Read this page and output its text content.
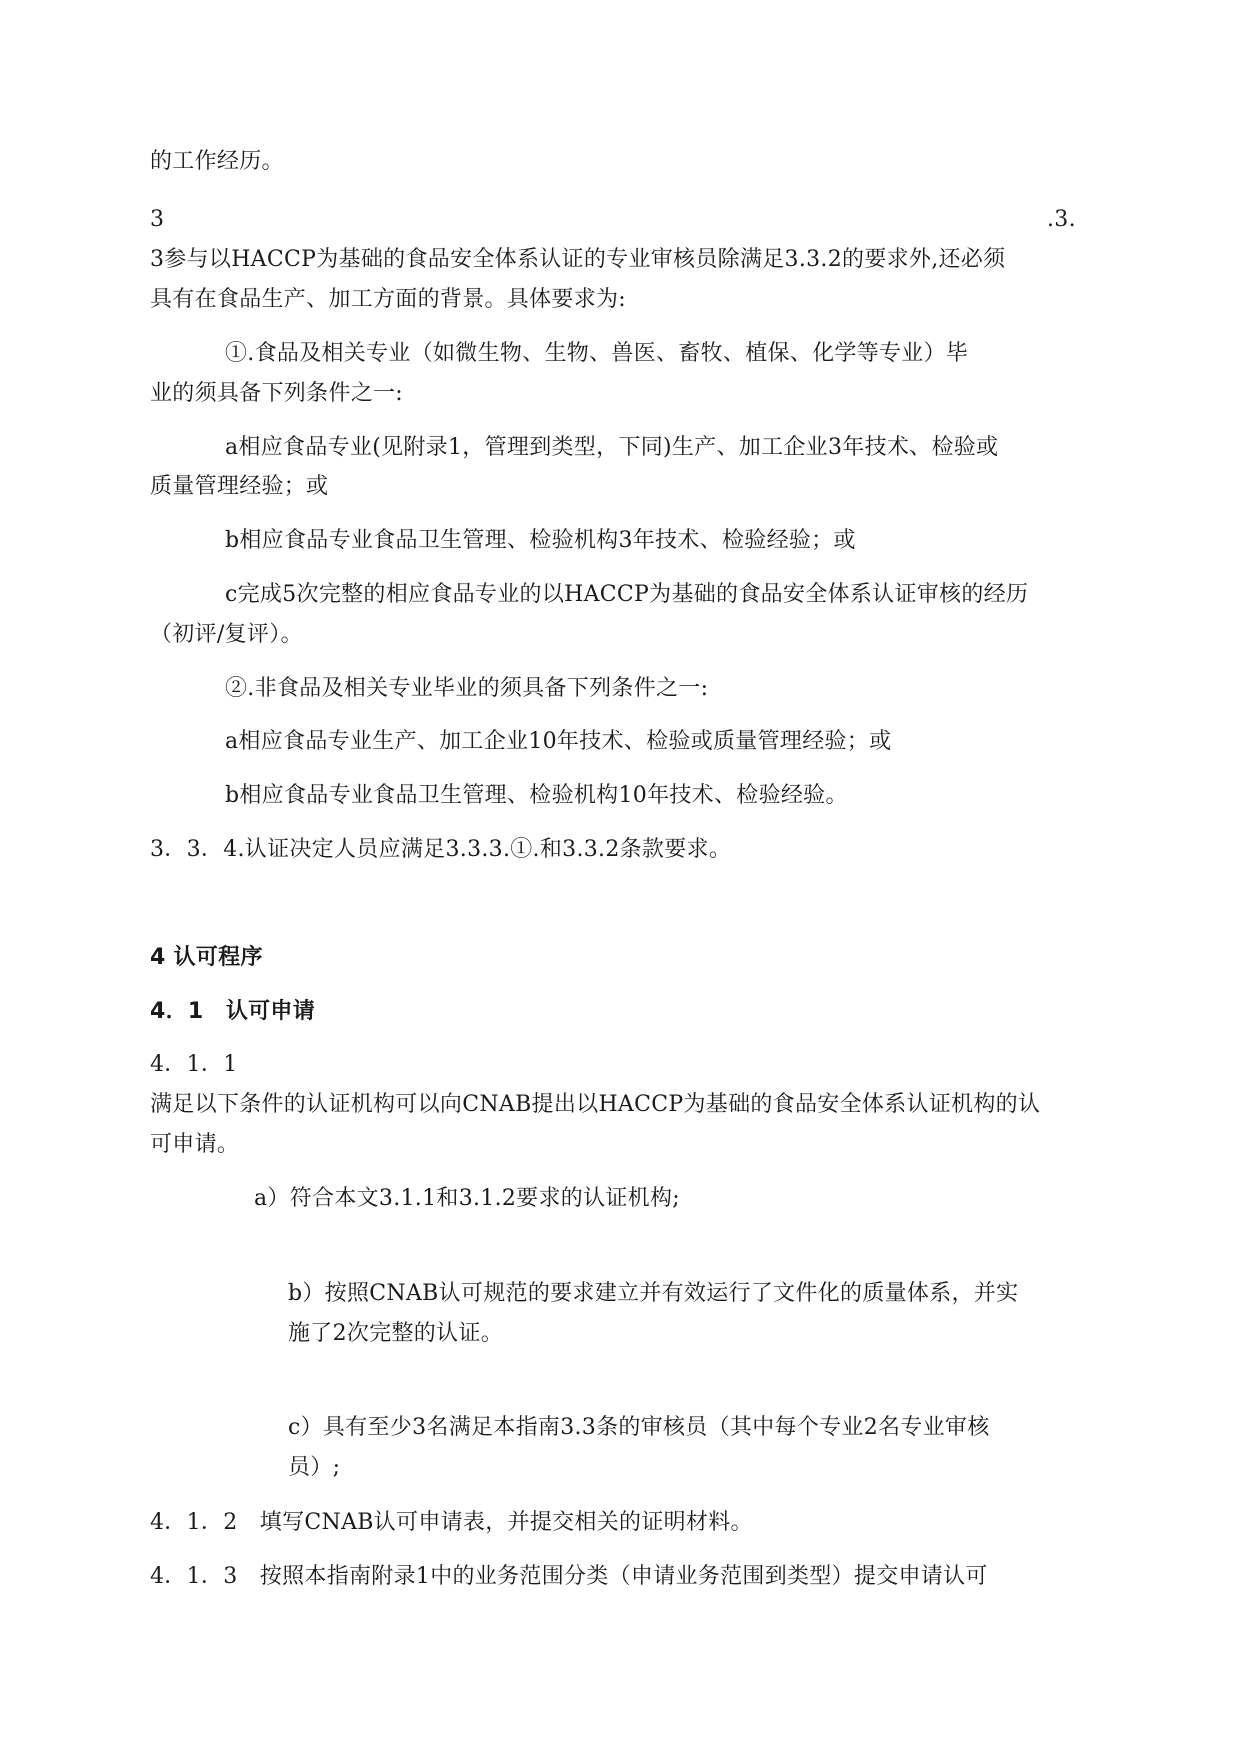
的工作经历。

3	.3.

3参与以HACCP为基础的食品安全体系认证的专业审核员除满足3.3.2的要求外,还必须

具有在食品生产、加工方面的背景。具体要求为:

①.食品及相关专业（如微生物、生物、兽医、畜牧、植保、化学等专业）毕

业的须具备下列条件之一:

a相应食品专业(见附录1，管理到类型，下同)生产、加工企业3年技术、检验或

质量管理经验；或

b相应食品专业食品卫生管理、检验机构3年技术、检验经验；或

c完成5次完整的相应食品专业的以HACCP为基础的食品安全体系认证审核的经历

（初评/复评）。

②.非食品及相关专业毕业的须具备下列条件之一:

a相应食品专业生产、加工企业10年技术、检验或质量管理经验；或

b相应食品专业食品卫生管理、检验机构10年技术、检验经验。

3．3．4.认证决定人员应满足3.3.3.①.和3.3.2条款要求。

4 认可程序

4．1　认可申请

4．1．1

满足以下条件的认证机构可以向CNAB提出以HACCP为基础的食品安全体系认证机构的认

可申请。

a）符合本文3.1.1和3.1.2要求的认证机构;

b）按照CNAB认可规范的要求建立并有效运行了文件化的质量体系，并实

施了2次完整的认证。

c）具有至少3名满足本指南3.3条的审核员（其中每个专业2名专业审核

员）;

4．1．2　填写CNAB认可申请表，并提交相关的证明材料。

4．1．3　按照本指南附录1中的业务范围分类（申请业务范围到类型）提交申请认可
